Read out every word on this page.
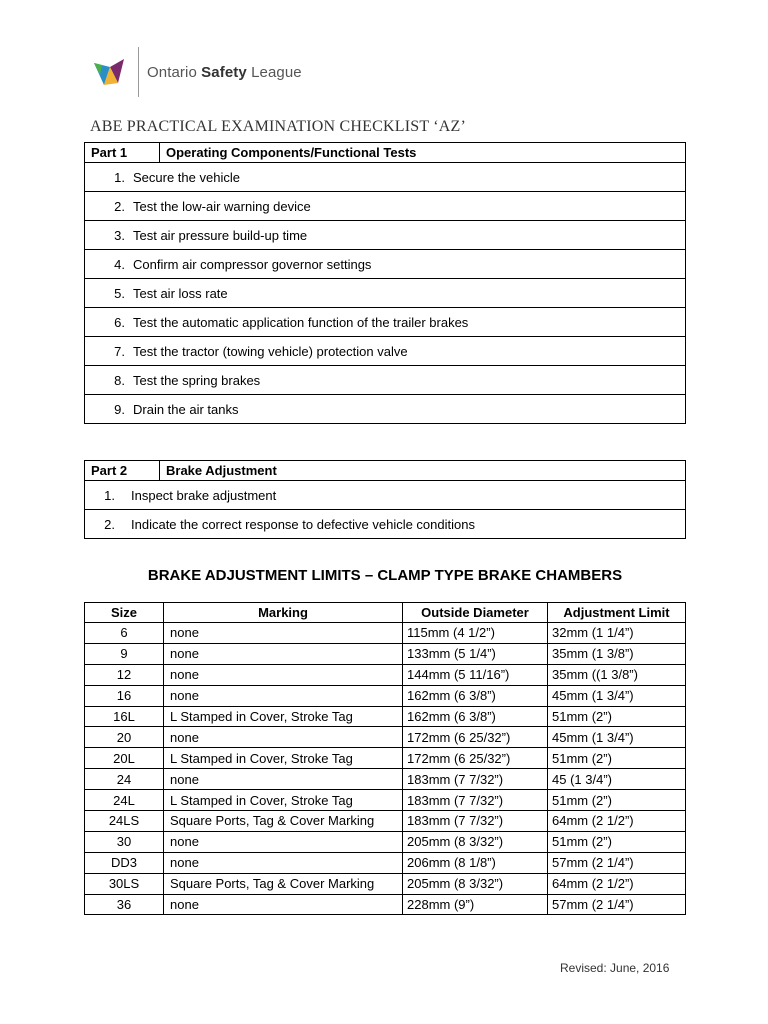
Ontario Safety League
ABE PRACTICAL EXAMINATION CHECKLIST ‘AZ’
Part 1	Operating Components/Functional Tests
1. Secure the vehicle
2. Test the low-air warning device
3. Test air pressure build-up time
4. Confirm air compressor governor settings
5. Test air loss rate
6. Test the automatic application function of the trailer brakes
7. Test the tractor (towing vehicle) protection valve
8. Test the spring brakes
9. Drain the air tanks
Part 2	Brake Adjustment
1. Inspect brake adjustment
2. Indicate the correct response to defective vehicle conditions
BRAKE ADJUSTMENT LIMITS – CLAMP TYPE BRAKE CHAMBERS
Size	Marking	Outside Diameter	Adjustment Limit
6	none	115mm (4 1/2”)	32mm (1 1/4”)
9	none	133mm (5 1/4”)	35mm (1 3/8”)
12	none	144mm (5 11/16”)	35mm ((1 3/8”)
16	none	162mm (6 3/8”)	45mm (1 3/4”)
16L	L Stamped in Cover, Stroke Tag	162mm (6 3/8”)	51mm (2”)
20	none	172mm (6 25/32”)	45mm (1 3/4”)
20L	L Stamped in Cover, Stroke Tag	172mm (6 25/32”)	51mm (2”)
24	none	183mm (7 7/32”)	45 (1 3/4”)
24L	L Stamped in Cover, Stroke Tag	183mm (7 7/32”)	51mm (2”)
24LS	Square Ports, Tag & Cover Marking	183mm (7 7/32”)	64mm (2 1/2”)
30	none	205mm (8 3/32”)	51mm (2”)
DD3	none	206mm (8 1/8”)	57mm (2 1/4”)
30LS	Square Ports, Tag & Cover Marking	205mm (8 3/32”)	64mm (2 1/2”)
36	none	228mm (9”)	57mm (2 1/4”)
Revised: June, 2016
